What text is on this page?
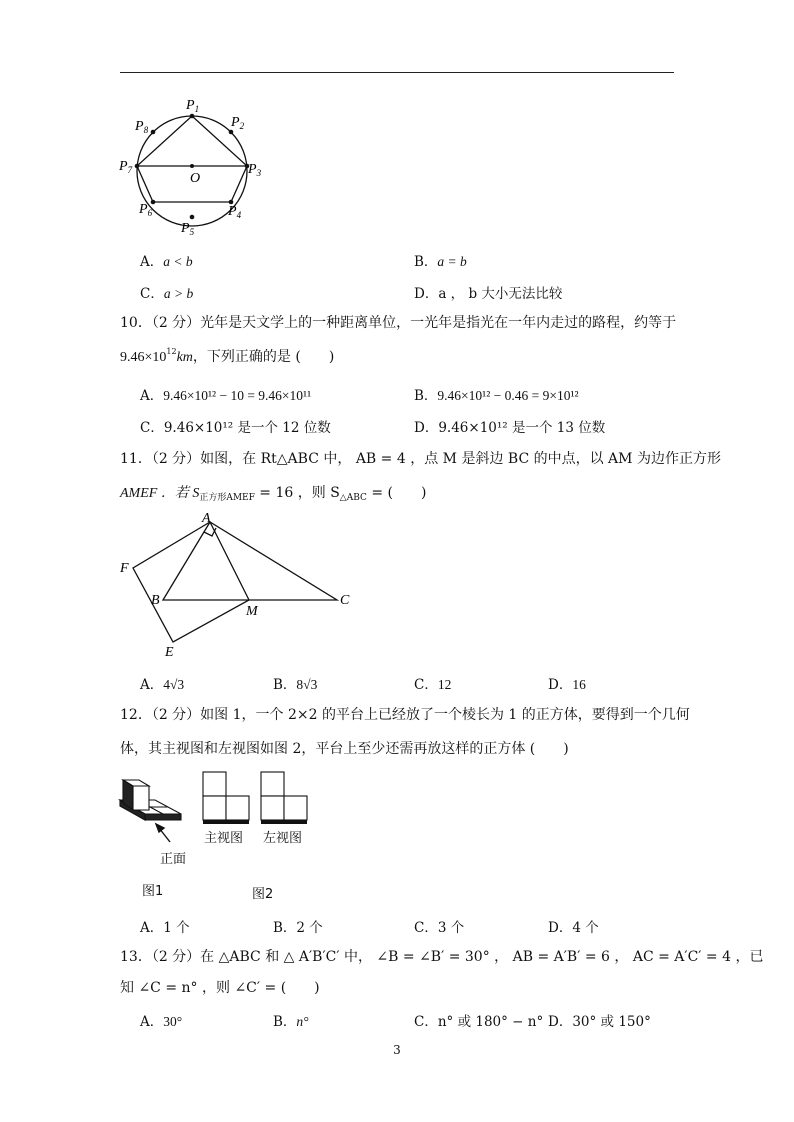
$P_1$
$P_2$
$P_3$
$P_4$
$P_5$
$P_6$
$P_7$
$P_8$
O
A．a < b	B．a = b
C．a > b	D．a ， b 大小无法比较
10．（2 分）光年是天文学上的一种距离单位，一光年是指光在一年内走过的路程，约等于
$9.46\times 10^{12}km$，下列正确的是 (　　)
A．9.46×10¹² − 10 = 9.46×10¹¹	B．9.46×10¹² − 0.46 = 9×10¹²
C．9.46×10¹² 是一个 12 位数	D．9.46×10¹² 是一个 13 位数
11．（2 分）如图，在 Rt△ABC 中， AB = 4 ，点 M 是斜边 BC 的中点，以 AM 为边作正方形
AMEF ．若 $S_{正方形AMEF} = 16$ ，则 $S_{\triangle ABC}$ = (　　)
A
F
B
M
C
E
A．4√3	B．8√3	C．12	D．16
12．（2 分）如图 1，一个 2×2 的平台上已经放了一个棱长为 1 的正方体，要得到一个几何
体，其主视图和左视图如图 2，平台上至少还需再放这样的正方体 (　　)
正面
主视图 左视图
图1	图2
A．1 个	B．2 个	C．3 个	D．4 个
13．（2 分）在 △ABC 和 △ A′B′C′ 中， ∠B = ∠B′ = 30° ， AB = A′B′ = 6 ， AC = A′C′ = 4 ，已
知 ∠C = n° ，则 ∠C′ = (　　)
A．30°	B．n°	C．n° 或 180° − n° D．30° 或 150°
3
